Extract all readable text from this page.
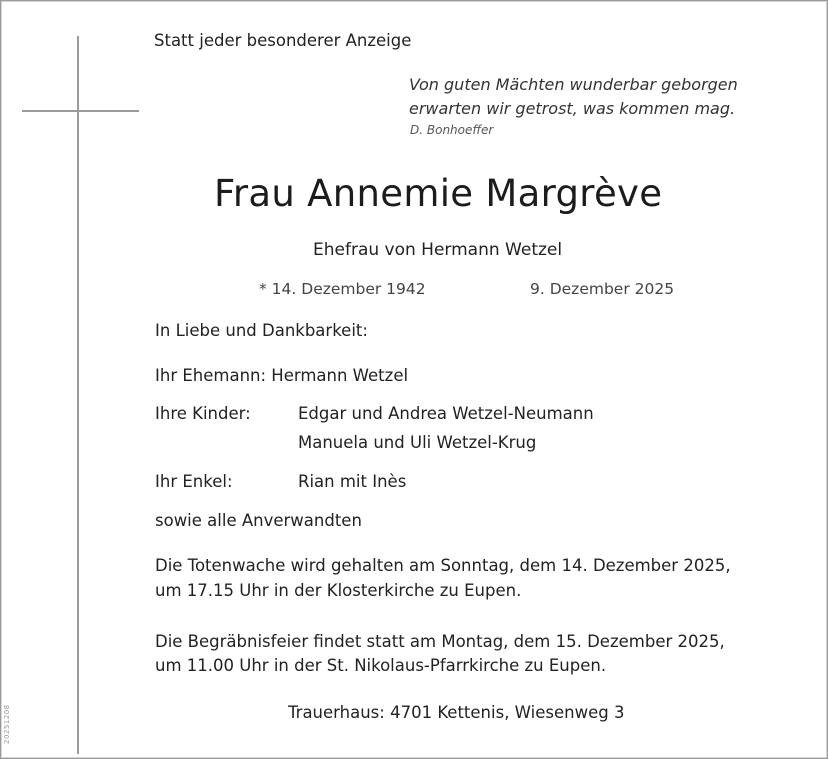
20251208
Statt jeder besonderer Anzeige
Von guten Mächten wunderbar geborgen
erwarten wir getrost, was kommen mag.
D. Bonhoeffer
Frau Annemie Margrève
Ehefrau von Hermann Wetzel
* 14. Dezember 1942	9. Dezember 2025
In Liebe und Dankbarkeit:
Ihr Ehemann: Hermann Wetzel
Ihre Kinder:	Edgar und Andrea Wetzel-Neumann
Manuela und Uli Wetzel-Krug
Ihr Enkel:	Rian mit Inès
sowie alle Anverwandten
Die Totenwache wird gehalten am Sonntag, dem 14. Dezember 2025,
um 17.15 Uhr in der Klosterkirche zu Eupen.
Die Begräbnisfeier findet statt am Montag, dem 15. Dezember 2025,
um 11.00 Uhr in der St. Nikolaus-Pfarrkirche zu Eupen.
Trauerhaus: 4701 Kettenis, Wiesenweg 3
